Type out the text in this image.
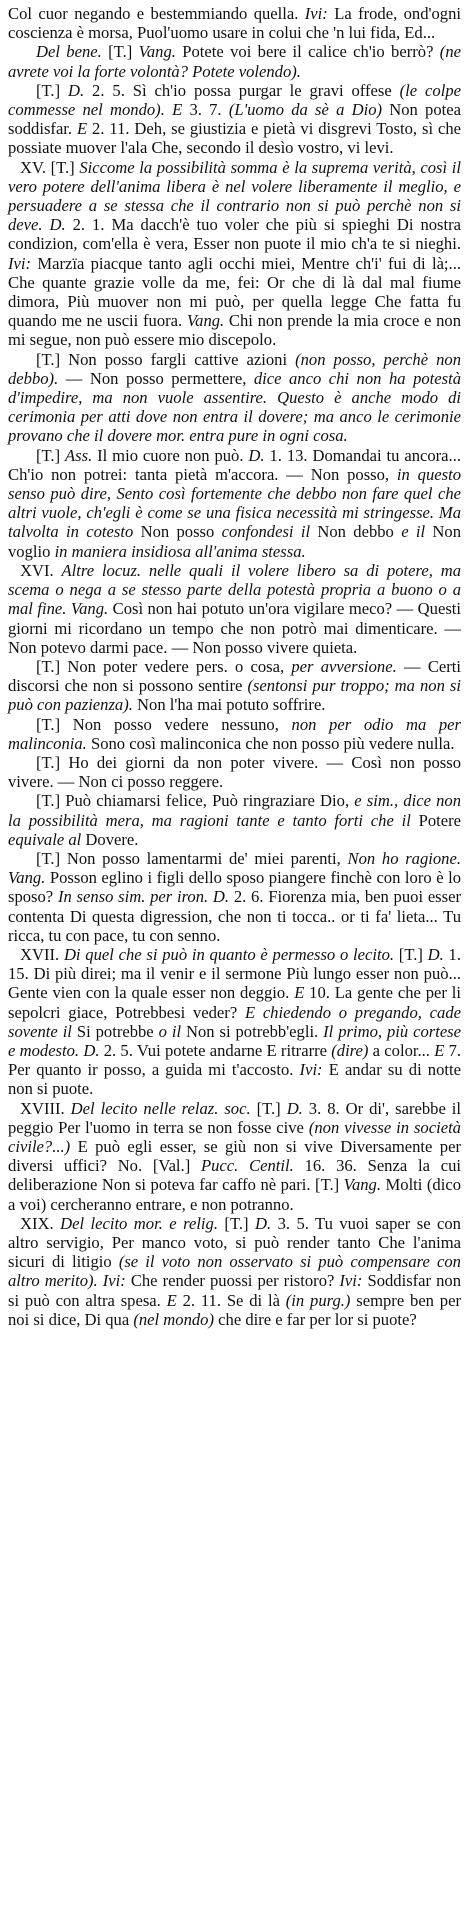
Col cuor negando e bestemmiando quella. Ivi: La frode, ond'ogni coscienza è morsa, Puol'uomo usare in colui che 'n lui fida, Ed...

Del bene. [T.] Vang. Potete voi bere il calice ch'io berrò? (ne avrete voi la forte volontà? Potete volendo).

[T.] D. 2. 5. Sì ch'io possa purgar le gravi offese (le colpe commesse nel mondo). E 3. 7. (L'uomo da sè a Dio) Non potea soddisfar. E 2. 11. Deh, se giustizia e pietà vi disgrevi Tosto, sì che possiate muover l'ala Che, secondo il desìo vostro, vi levi.

XV. [T.] Siccome la possibilità somma è la suprema verità, così il vero potere dell'anima libera è nel volere liberamente il meglio, e persuadere a se stessa che il contrario non si può perchè non si deve. D. 2. 1. Ma dacch'è tuo voler che più si spieghi Di nostra condizion, com'ella è vera, Esser non puote il mio ch'a te si nieghi. Ivi: Marzïa piacque tanto agli occhi miei, Mentre ch'i' fui di là;... Che quante grazie volle da me, fei: Or che di là dal mal fiume dimora, Più muover non mi può, per quella legge Che fatta fu quando me ne uscii fuora. Vang. Chi non prende la mia croce e non mi segue, non può essere mio discepolo.

[T.] Non posso fargli cattive azioni (non posso, perchè non debbo). — Non posso permettere, dice anco chi non ha potestà d'impedire, ma non vuole assentire. Questo è anche modo di cerimonia per atti dove non entra il dovere; ma anco le cerimonie provano che il dovere mor. entra pure in ogni cosa.

[T.] Ass. Il mio cuore non può. D. 1. 13. Domandai tu ancora... Ch'io non potrei: tanta pietà m'accora. — Non posso, in questo senso può dire, Sento così fortemente che debbo non fare quel che altri vuole, ch'egli è come se una fisica necessità mi stringesse. Ma talvolta in cotesto Non posso confondesi il Non debbo e il Non voglio in maniera insidiosa all'anima stessa.

XVI. Altre locuz. nelle quali il volere libero sa di potere, ma scema o nega a se stesso parte della potestà propria a buono o a mal fine. Vang. Così non hai potuto un'ora vigilare meco? — Questi giorni mi ricordano un tempo che non potrò mai dimenticare. — Non potevo darmi pace. — Non posso vivere quieta.

[T.] Non poter vedere pers. o cosa, per avversione. — Certi discorsi che non si possono sentire (sentonsi pur troppo; ma non si può con pazienza). Non l'ha mai potuto soffrire.

[T.] Non posso vedere nessuno, non per odio ma per malinconia. Sono così malinconica che non posso più vedere nulla.

[T.] Ho dei giorni da non poter vivere. — Così non posso vivere. — Non ci posso reggere.

[T.] Può chiamarsi felice, Può ringraziare Dio, e sim., dice non la possibilità mera, ma ragioni tante e tanto forti che il Potere equivale al Dovere.

[T.] Non posso lamentarmi de' miei parenti, Non ho ragione. Vang. Posson eglino i figli dello sposo piangere finchè con loro è lo sposo? In senso sim. per iron. D. 2. 6. Fiorenza mia, ben puoi esser contenta Di questa digression, che non ti tocca.. or ti fa' lieta... Tu ricca, tu con pace, tu con senno.

XVII. Di quel che si può in quanto è permesso o lecito. [T.] D. 1. 15. Di più direi; ma il venir e il sermone Più lungo esser non può... Gente vien con la quale esser non deggio. E 10. La gente che per li sepolcri giace, Potrebbesi veder? E chiedendo o pregando, cade sovente il Si potrebbe o il Non si potrebb'egli. Il primo, più cortese e modesto. D. 2. 5. Vui potete andarne E ritrarre (dire) a color... E 7. Per quanto ir posso, a guida mi t'accosto. Ivi: E andar su di notte non si puote.

XVIII. Del lecito nelle relaz. soc. [T.] D. 3. 8. Or di', sarebbe il peggio Per l'uomo in terra se non fosse cive (non vivesse in società civile?...) E può egli esser, se giù non si vive Diversamente per diversi uffici? No. [Val.] Pucc. Centil. 16. 36. Senza la cui deliberazione Non si poteva far caffo nè pari. [T.] Vang. Molti (dico a voi) cercheranno entrare, e non potranno.

XIX. Del lecito mor. e relig. [T.] D. 3. 5. Tu vuoi saper se con altro servigio, Per manco voto, si può render tanto Che l'anima sicuri di litigio (se il voto non osservato si può compensare con altro merito). Ivi: Che render puossi per ristoro? Ivi: Soddisfar non si può con altra spesa. E 2. 11. Se di là (in purg.) sempre ben per noi si dice, Di qua (nel mondo) che dire e far per lor si puote?
